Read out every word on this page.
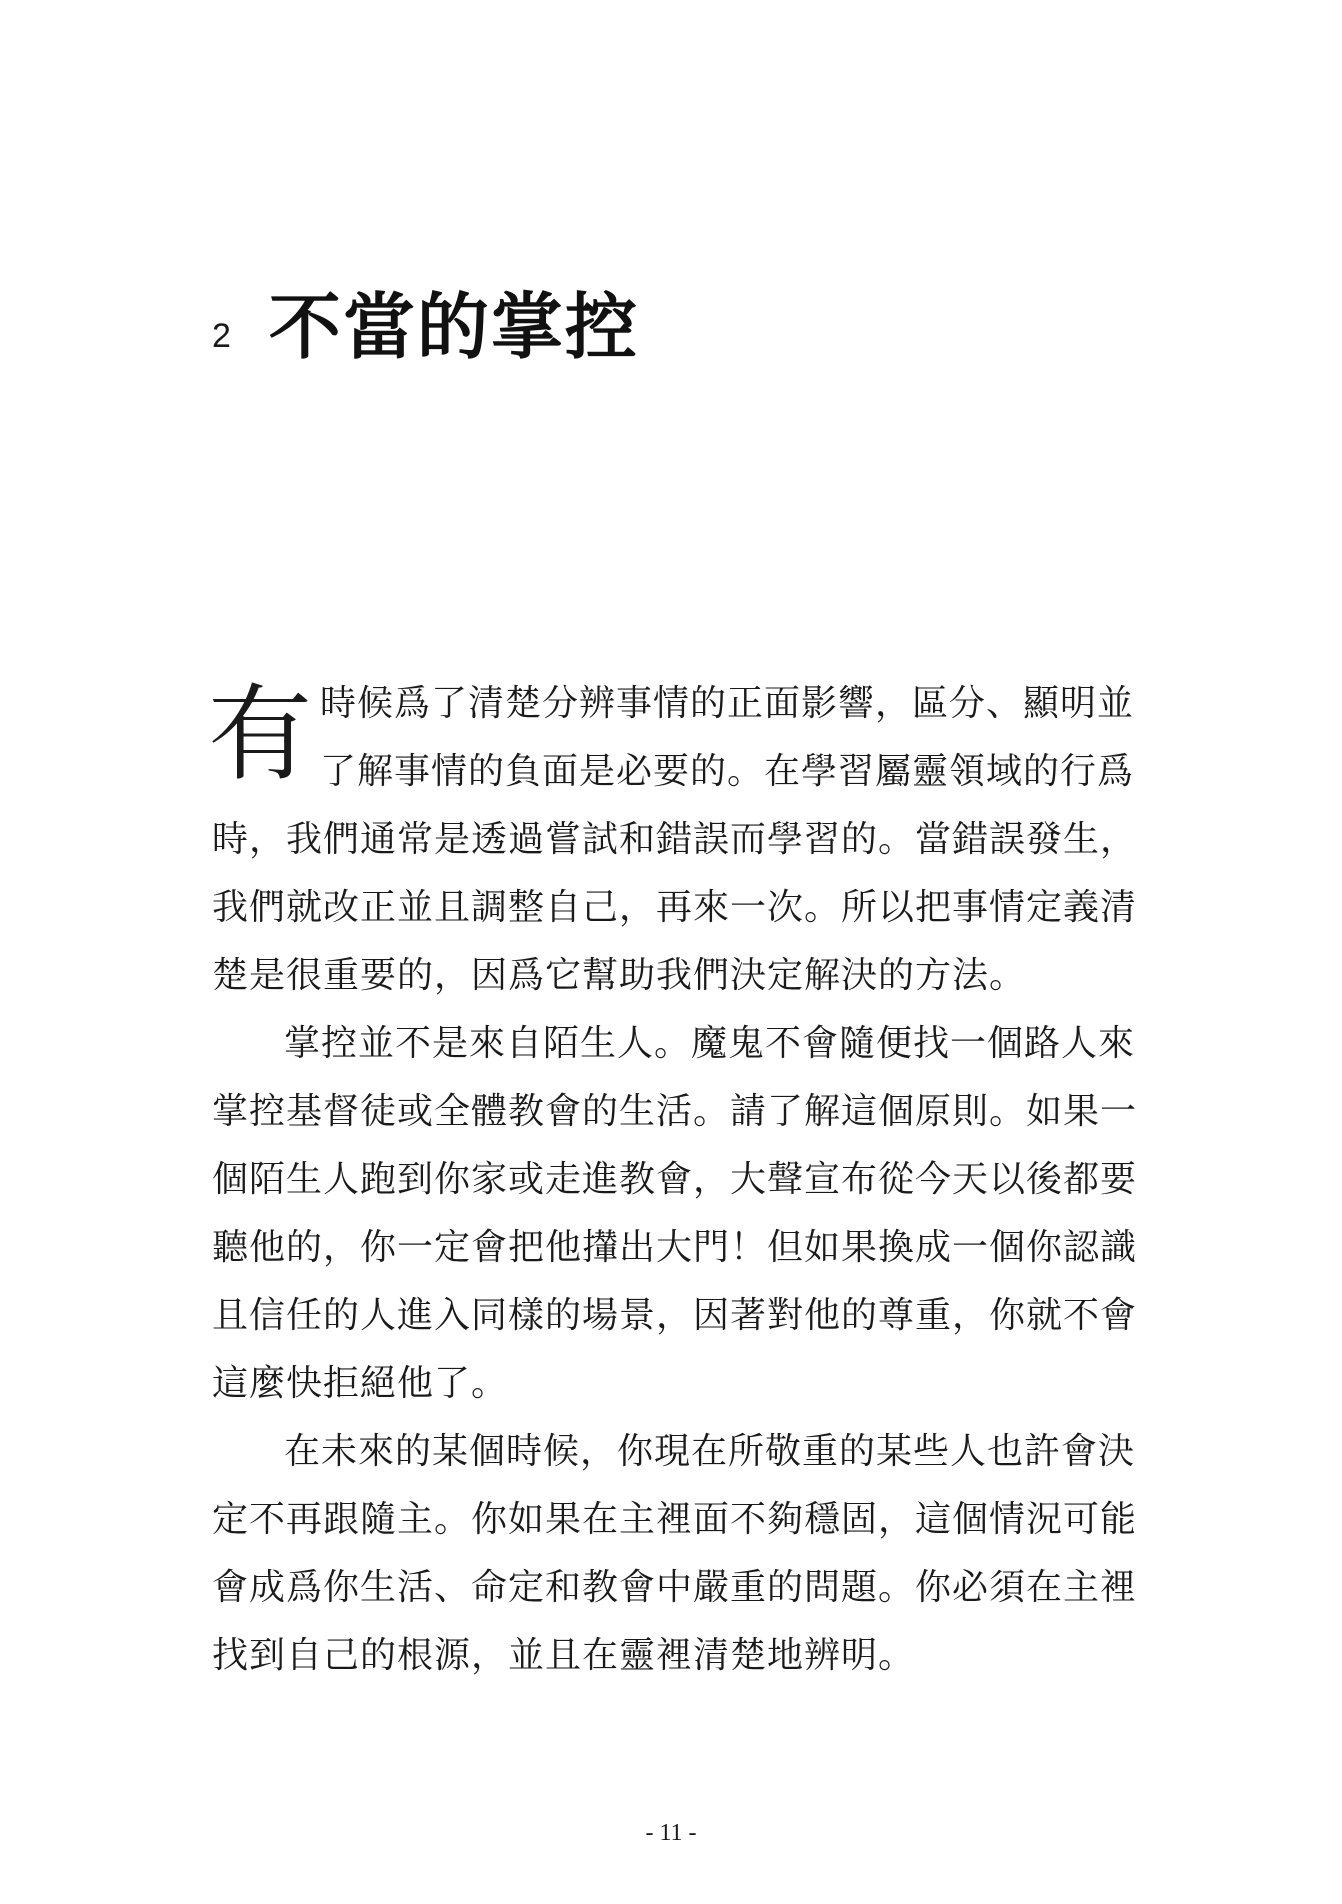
2 不當的掌控
有 時候爲了清楚分辨事情的正面影響，區分、顯明並
了解事情的負面是必要的。在學習屬靈領域的行爲
時，我們通常是透過嘗試和錯誤而學習的。當錯誤發生，
我們就改正並且調整自己，再來一次。所以把事情定義清
楚是很重要的，因爲它幫助我們決定解決的方法。
掌控並不是來自陌生人。魔鬼不會隨便找一個路人來
掌控基督徒或全體教會的生活。請了解這個原則。如果一
個陌生人跑到你家或走進教會，大聲宣布從今天以後都要
聽他的，你一定會把他攆出大門！但如果換成一個你認識
且信任的人進入同樣的場景，因著對他的尊重，你就不會
這麼快拒絕他了。
在未來的某個時候，你現在所敬重的某些人也許會決
定不再跟隨主。你如果在主裡面不夠穩固，這個情況可能
會成爲你生活、命定和教會中嚴重的問題。你必須在主裡
找到自己的根源，並且在靈裡清楚地辨明。
- 11 -
